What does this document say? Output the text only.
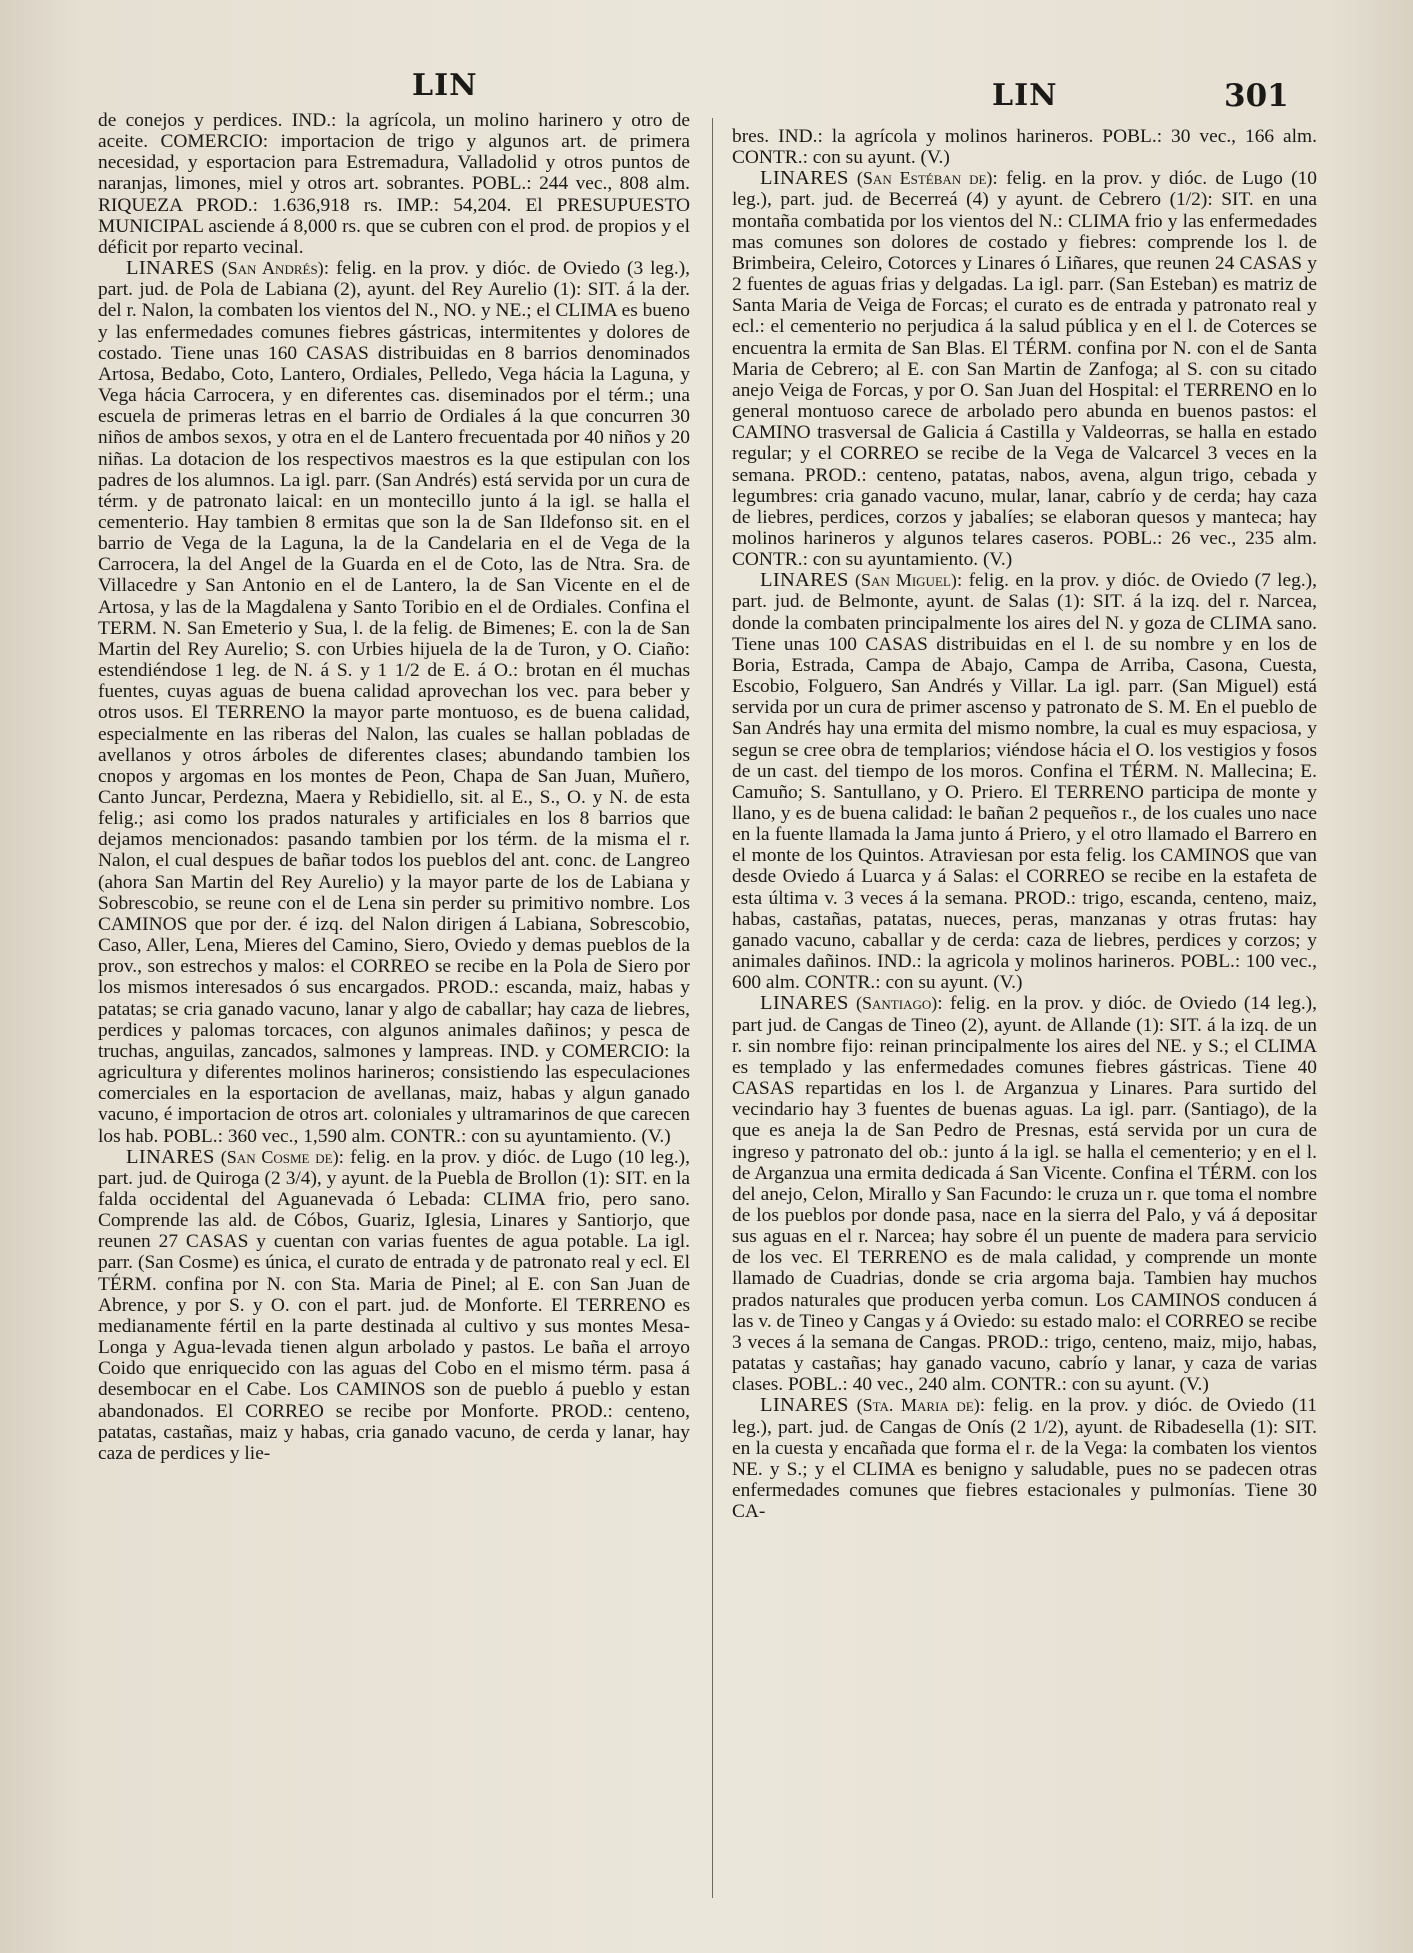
LIN	LIN	301

de conejos y perdices. IND.: la agrícola, un molino harinero y otro de aceite. COMERCIO: importacion de trigo y algunos art. de primera necesidad, y esportacion para Estremadura, Valladolid y otros puntos de naranjas, limones, miel y otros art. sobrantes. POBL.: 244 vec., 808 alm. RIQUEZA PROD.: 1.636,918 rs. IMP.: 54,204. El PRESUPUESTO MUNICIPAL asciende á 8,000 rs. que se cubren con el prod. de propios y el déficit por reparto vecinal.

LINARES (San Andrés): felig. en la prov. y dióc. de Oviedo (3 leg.), part. jud. de Pola de Labiana (2), ayunt. del Rey Aurelio (1): SIT. á la der. del r. Nalon, la combaten los vientos del N., NO. y NE.; el CLIMA es bueno y las enfermedades comunes fiebres gástricas, intermitentes y dolores de costado. Tiene unas 160 CASAS distribuidas en 8 barrios denominados Artosa, Bedabo, Coto, Lantero, Ordiales, Pelledo, Vega hácia la Laguna, y Vega hácia Carrocera, y en diferentes cas. diseminados por el térm.; una escuela de primeras letras en el barrio de Ordiales á la que concurren 30 niños de ambos sexos, y otra en el de Lantero frecuentada por 40 niños y 20 niñas. La dotacion de los respectivos maestros es la que estipulan con los padres de los alumnos. La igl. parr. (San Andrés) está servida por un cura de térm. y de patronato laical: en un montecillo junto á la igl. se halla el cementerio. Hay tambien 8 ermitas que son la de San Ildefonso sit. en el barrio de Vega de la Laguna, la de la Candelaria en el de Vega de la Carrocera, la del Angel de la Guarda en el de Coto, las de Ntra. Sra. de Villacedre y San Antonio en el de Lantero, la de San Vicente en el de Artosa, y las de la Magdalena y Santo Toribio en el de Ordiales. Confina el TERM. N. San Emeterio y Sua, l. de la felig. de Bimenes; E. con la de San Martin del Rey Aurelio; S. con Urbies hijuela de la de Turon, y O. Ciaño: estendiéndose 1 leg. de N. á S. y 1 1/2 de E. á O.: brotan en él muchas fuentes, cuyas aguas de buena calidad aprovechan los vec. para beber y otros usos. El TERRENO la mayor parte montuoso, es de buena calidad, especialmente en las riberas del Nalon, las cuales se hallan pobladas de avellanos y otros árboles de diferentes clases; abundando tambien los cnopos y argomas en los montes de Peon, Chapa de San Juan, Muñero, Canto Juncar, Perdezna, Maera y Rebidiello, sit. al E., S., O. y N. de esta felig.; asi como los prados naturales y artificiales en los 8 barrios que dejamos mencionados: pasando tambien por los térm. de la misma el r. Nalon, el cual despues de bañar todos los pueblos del ant. conc. de Langreo (ahora San Martin del Rey Aurelio) y la mayor parte de los de Labiana y Sobrescobio, se reune con el de Lena sin perder su primitivo nombre. Los CAMINOS que por der. é izq. del Nalon dirigen á Labiana, Sobrescobio, Caso, Aller, Lena, Mieres del Camino, Siero, Oviedo y demas pueblos de la prov., son estrechos y malos: el CORREO se recibe en la Pola de Siero por los mismos interesados ó sus encargados. PROD.: escanda, maiz, habas y patatas; se cria ganado vacuno, lanar y algo de caballar; hay caza de liebres, perdices y palomas torcaces, con algunos animales dañinos; y pesca de truchas, anguilas, zancados, salmones y lampreas. IND. y COMERCIO: la agricultura y diferentes molinos harineros; consistiendo las especulaciones comerciales en la esportacion de avellanas, maiz, habas y algun ganado vacuno, é importacion de otros art. coloniales y ultramarinos de que carecen los hab. POBL.: 360 vec., 1,590 alm. CONTR.: con su ayuntamiento. (V.)

LINARES (San Cosme de): felig. en la prov. y dióc. de Lugo (10 leg.), part. jud. de Quiroga (2 3/4), y ayunt. de la Puebla de Brollon (1): SIT. en la falda occidental del Aguanevada ó Lebada: CLIMA frio, pero sano. Comprende las ald. de Cóbos, Guariz, Iglesia, Linares y Santiorjo, que reunen 27 CASAS y cuentan con varias fuentes de agua potable. La igl. parr. (San Cosme) es única, el curato de entrada y de patronato real y ecl. El TÉRM. confina por N. con Sta. Maria de Pinel; al E. con San Juan de Abrence, y por S. y O. con el part. jud. de Monforte. El TERRENO es medianamente fértil en la parte destinada al cultivo y sus montes Mesa-Longa y Agua-levada tienen algun arbolado y pastos. Le baña el arroyo Coido que enriquecido con las aguas del Cobo en el mismo térm. pasa á desembocar en el Cabe. Los CAMINOS son de pueblo á pueblo y estan abandonados. El CORREO se recibe por Monforte. PROD.: centeno, patatas, castañas, maiz y habas, cria ganado vacuno, de cerda y lanar, hay caza de perdices y lie-

bres. IND.: la agrícola y molinos harineros. POBL.: 30 vec., 166 alm. CONTR.: con su ayunt. (V.)

LINARES (San Estéban de): felig. en la prov. y dióc. de Lugo (10 leg.), part. jud. de Becerreá (4) y ayunt. de Cebrero (1/2): SIT. en una montaña combatida por los vientos del N.: CLIMA frio y las enfermedades mas comunes son dolores de costado y fiebres: comprende los l. de Brimbeira, Celeiro, Cotorces y Linares ó Liñares, que reunen 24 CASAS y 2 fuentes de aguas frias y delgadas. La igl. parr. (San Esteban) es matriz de Santa Maria de Veiga de Forcas; el curato es de entrada y patronato real y ecl.: el cementerio no perjudica á la salud pública y en el l. de Coterces se encuentra la ermita de San Blas. El TÉRM. confina por N. con el de Santa Maria de Cebrero; al E. con San Martin de Zanfoga; al S. con su citado anejo Veiga de Forcas, y por O. San Juan del Hospital: el TERRENO en lo general montuoso carece de arbolado pero abunda en buenos pastos: el CAMINO trasversal de Galicia á Castilla y Valdeorras, se halla en estado regular; y el CORREO se recibe de la Vega de Valcarcel 3 veces en la semana. PROD.: centeno, patatas, nabos, avena, algun trigo, cebada y legumbres: cria ganado vacuno, mular, lanar, cabrío y de cerda; hay caza de liebres, perdices, corzos y jabalíes; se elaboran quesos y manteca; hay molinos harineros y algunos telares caseros. POBL.: 26 vec., 235 alm. CONTR.: con su ayuntamiento. (V.)

LINARES (San Miguel): felig. en la prov. y dióc. de Oviedo (7 leg.), part. jud. de Belmonte, ayunt. de Salas (1): SIT. á la izq. del r. Narcea, donde la combaten principalmente los aires del N. y goza de CLIMA sano. Tiene unas 100 CASAS distribuidas en el l. de su nombre y en los de Boria, Estrada, Campa de Abajo, Campa de Arriba, Casona, Cuesta, Escobio, Folguero, San Andrés y Villar. La igl. parr. (San Miguel) está servida por un cura de primer ascenso y patronato de S. M. En el pueblo de San Andrés hay una ermita del mismo nombre, la cual es muy espaciosa, y segun se cree obra de templarios; viéndose hácia el O. los vestigios y fosos de un cast. del tiempo de los moros. Confina el TÉRM. N. Mallecina; E. Camuño; S. Santullano, y O. Priero. El TERRENO participa de monte y llano, y es de buena calidad: le bañan 2 pequeños r., de los cuales uno nace en la fuente llamada la Jama junto á Priero, y el otro llamado el Barrero en el monte de los Quintos. Atraviesan por esta felig. los CAMINOS que van desde Oviedo á Luarca y á Salas: el CORREO se recibe en la estafeta de esta última v. 3 veces á la semana. PROD.: trigo, escanda, centeno, maiz, habas, castañas, patatas, nueces, peras, manzanas y otras frutas: hay ganado vacuno, caballar y de cerda: caza de liebres, perdices y corzos; y animales dañinos. IND.: la agricola y molinos harineros. POBL.: 100 vec., 600 alm. CONTR.: con su ayunt. (V.)

LINARES (Santiago): felig. en la prov. y dióc. de Oviedo (14 leg.), part jud. de Cangas de Tineo (2), ayunt. de Allande (1): SIT. á la izq. de un r. sin nombre fijo: reinan principalmente los aires del NE. y S.; el CLIMA es templado y las enfermedades comunes fiebres gástricas. Tiene 40 CASAS repartidas en los l. de Arganzua y Linares. Para surtido del vecindario hay 3 fuentes de buenas aguas. La igl. parr. (Santiago), de la que es aneja la de San Pedro de Presnas, está servida por un cura de ingreso y patronato del ob.: junto á la igl. se halla el cementerio; y en el l. de Arganzua una ermita dedicada á San Vicente. Confina el TÉRM. con los del anejo, Celon, Mirallo y San Facundo: le cruza un r. que toma el nombre de los pueblos por donde pasa, nace en la sierra del Palo, y vá á depositar sus aguas en el r. Narcea; hay sobre él un puente de madera para servicio de los vec. El TERRENO es de mala calidad, y comprende un monte llamado de Cuadrias, donde se cria argoma baja. Tambien hay muchos prados naturales que producen yerba comun. Los CAMINOS conducen á las v. de Tineo y Cangas y á Oviedo: su estado malo: el CORREO se recibe 3 veces á la semana de Cangas. PROD.: trigo, centeno, maiz, mijo, habas, patatas y castañas; hay ganado vacuno, cabrío y lanar, y caza de varias clases. POBL.: 40 vec., 240 alm. CONTR.: con su ayunt. (V.)

LINARES (Sta. Maria de): felig. en la prov. y dióc. de Oviedo (11 leg.), part. jud. de Cangas de Onís (2 1/2), ayunt. de Ribadesella (1): SIT. en la cuesta y encañada que forma el r. de la Vega: la combaten los vientos NE. y S.; y el CLIMA es benigno y saludable, pues no se padecen otras enfermedades comunes que fiebres estacionales y pulmonías. Tiene 30 CA-
